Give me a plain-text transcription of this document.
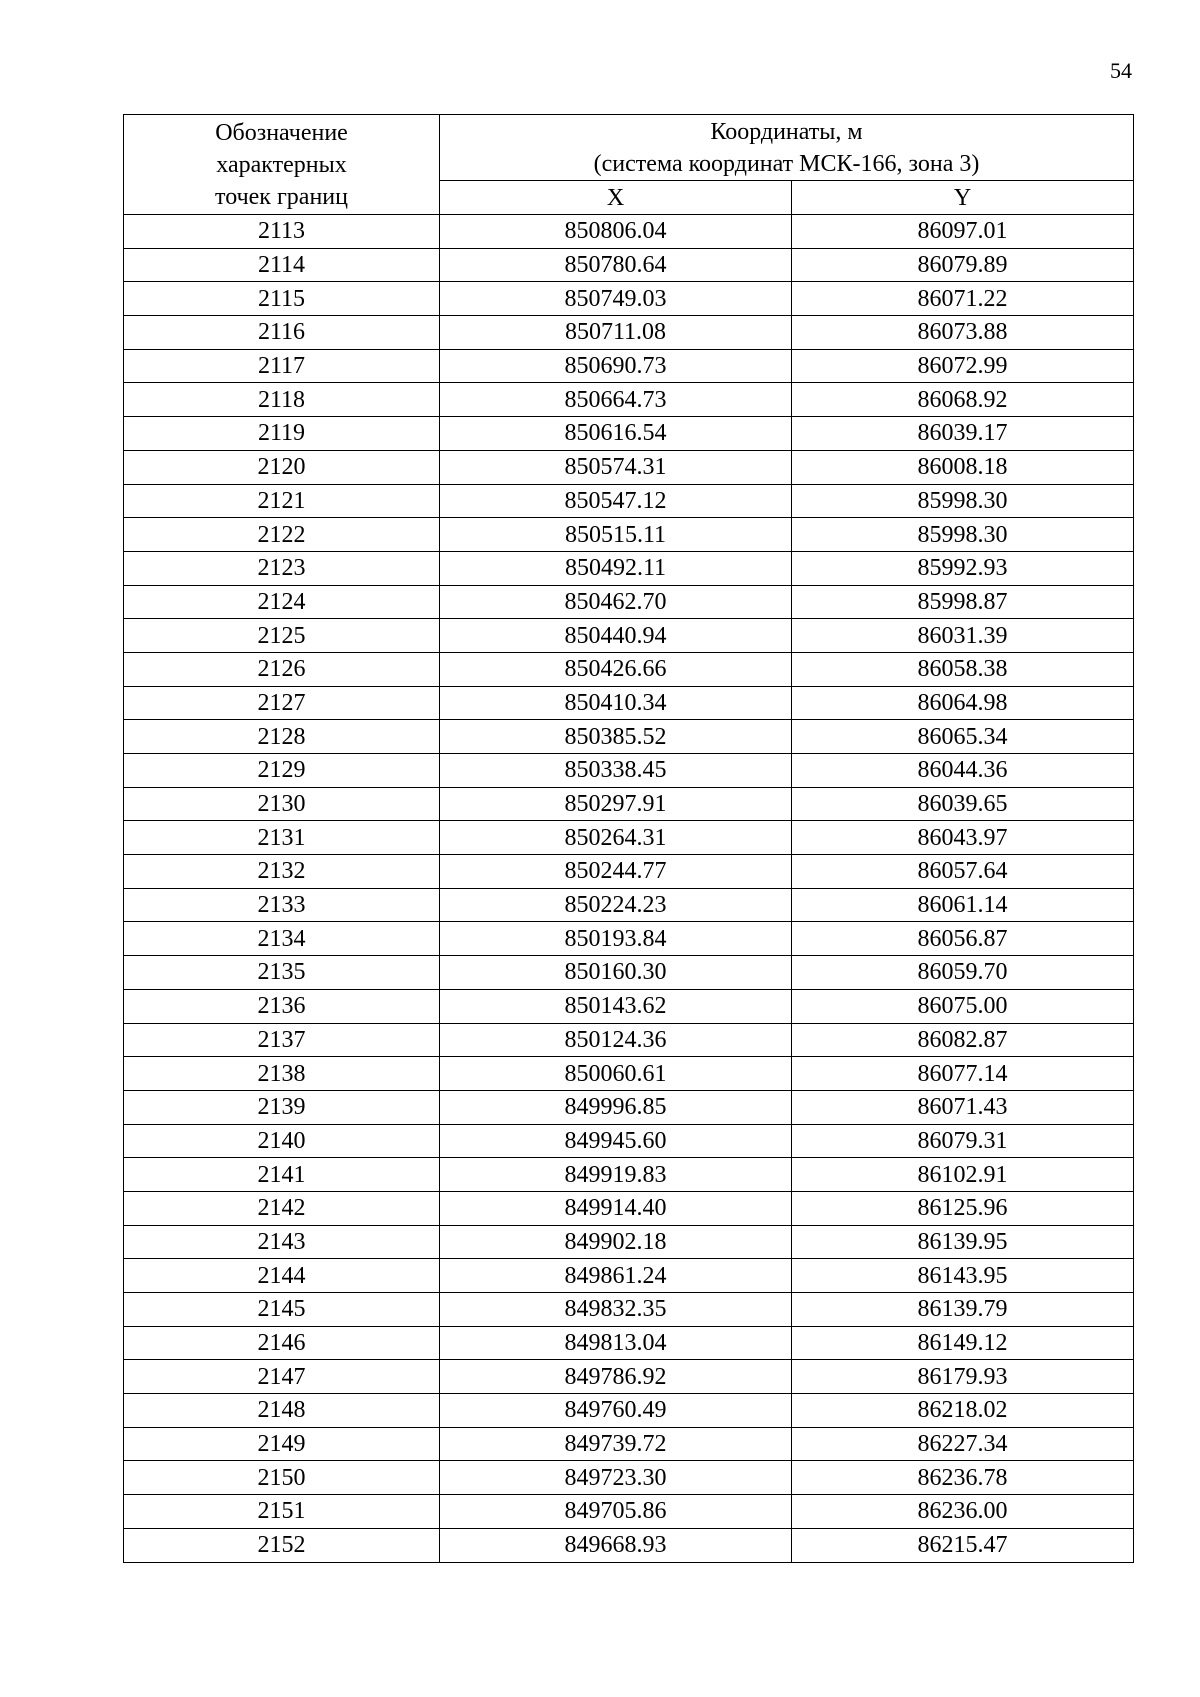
54
Обозначение
характерных
точек границ	Координаты, м
(система координат МСК-166, зона 3)	

	X	Y
2113	850806.04	86097.01
2114	850780.64	86079.89
2115	850749.03	86071.22
2116	850711.08	86073.88
2117	850690.73	86072.99
2118	850664.73	86068.92
2119	850616.54	86039.17
2120	850574.31	86008.18
2121	850547.12	85998.30
2122	850515.11	85998.30
2123	850492.11	85992.93
2124	850462.70	85998.87
2125	850440.94	86031.39
2126	850426.66	86058.38
2127	850410.34	86064.98
2128	850385.52	86065.34
2129	850338.45	86044.36
2130	850297.91	86039.65
2131	850264.31	86043.97
2132	850244.77	86057.64
2133	850224.23	86061.14
2134	850193.84	86056.87
2135	850160.30	86059.70
2136	850143.62	86075.00
2137	850124.36	86082.87
2138	850060.61	86077.14
2139	849996.85	86071.43
2140	849945.60	86079.31
2141	849919.83	86102.91
2142	849914.40	86125.96
2143	849902.18	86139.95
2144	849861.24	86143.95
2145	849832.35	86139.79
2146	849813.04	86149.12
2147	849786.92	86179.93
2148	849760.49	86218.02
2149	849739.72	86227.34
2150	849723.30	86236.78
2151	849705.86	86236.00
2152	849668.93	86215.47
